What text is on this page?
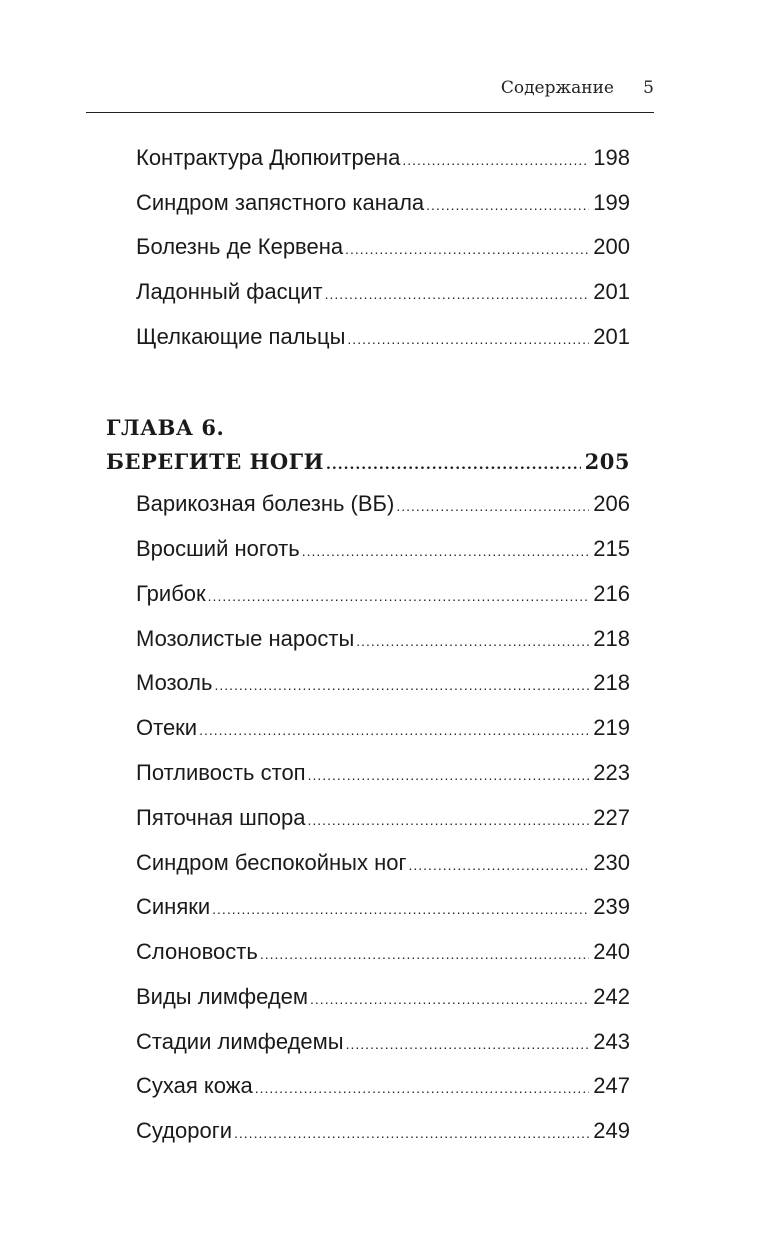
Содержание 5
Контрактура Дюпюитрена .....	198
Синдром запястного канала .....	199
Болезнь де Кервена .....	200
Ладонный фасцит .....	201
Щелкающие пальцы .....	201
ГЛАВА 6.
БЕРЕГИТЕ НОГИ .....	205
Варикозная болезнь (ВБ) .....	206
Вросший ноготь .....	215
Грибок .....	216
Мозолистые наросты .....	218
Мозоль .....	218
Отеки .....	219
Потливость стоп .....	223
Пяточная шпора .....	227
Синдром беспокойных ног .....	230
Синяки .....	239
Слоновость .....	240
Виды лимфедем .....	242
Стадии лимфедемы .....	243
Сухая кожа .....	247
Судороги .....	249
